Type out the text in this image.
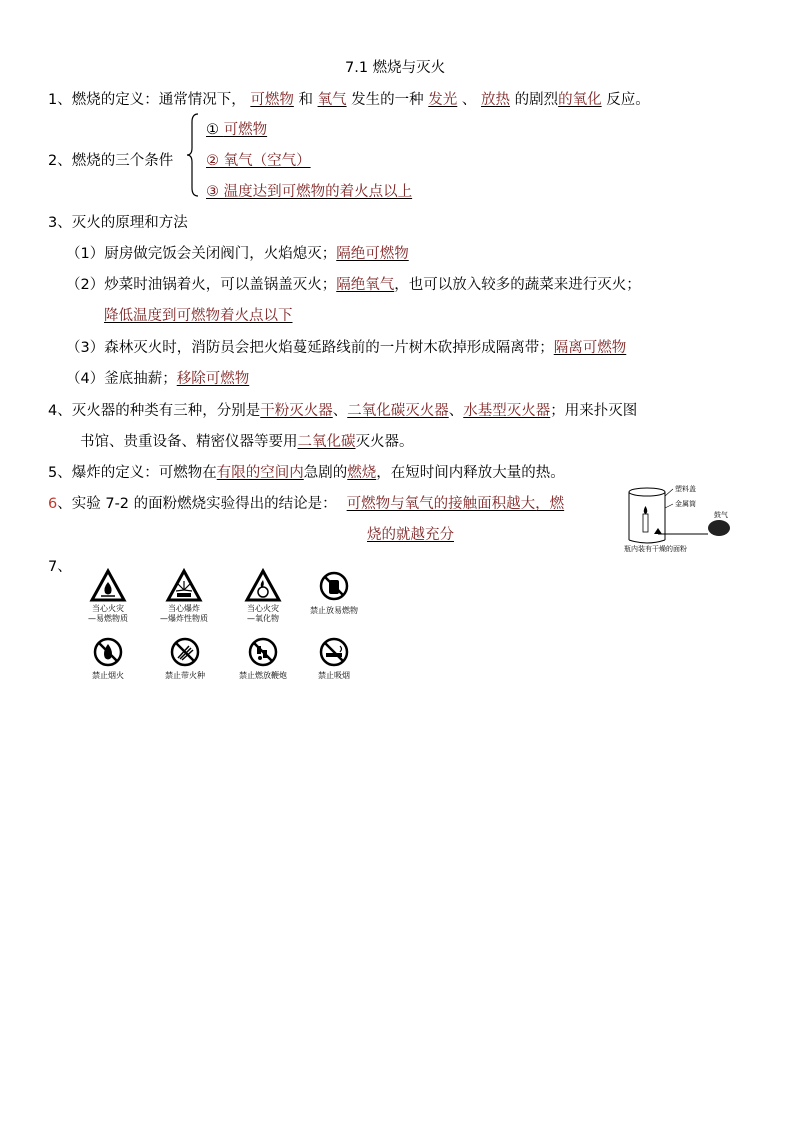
7.1 燃烧与灭火
1、燃烧的定义：通常情况下， 可燃物 和 氧气 发生的一种 发光 、 放热 的剧烈的氧化 反应。
2、燃烧的三个条件
① 可燃物
② 氧气（空气）
③ 温度达到可燃物的着火点以上
3、灭火的原理和方法
（1）厨房做完饭会关闭阀门，火焰熄灭；隔绝可燃物
（2）炒菜时油锅着火，可以盖锅盖灭火；隔绝氧气，也可以放入较多的蔬菜来进行灭火；
降低温度到可燃物着火点以下
（3）森林灭火时，消防员会把火焰蔓延路线前的一片树木砍掉形成隔离带；隔离可燃物
（4）釜底抽薪；移除可燃物
4、灭火器的种类有三种，分别是干粉灭火器、二氧化碳灭火器、水基型灭火器；用来扑灭图
书馆、贵重设备、精密仪器等要用二氧化碳灭火器。
5、爆炸的定义：可燃物在有限的空间内急剧的燃烧，在短时间内释放大量的热。
6、实验 7-2 的面粉燃烧实验得出的结论是： 可燃物与氧气的接触面积越大，燃
烧的就越充分
塑料盖
金属筒
鼓气
瓶内装有干燥的面粉
7、
当心火灾
—易燃物质
当心爆炸
—爆炸性物质
当心火灾
—氧化物
禁止放易燃物
禁止烟火	禁止带火种	禁止燃放鞭炮	禁止吸烟
